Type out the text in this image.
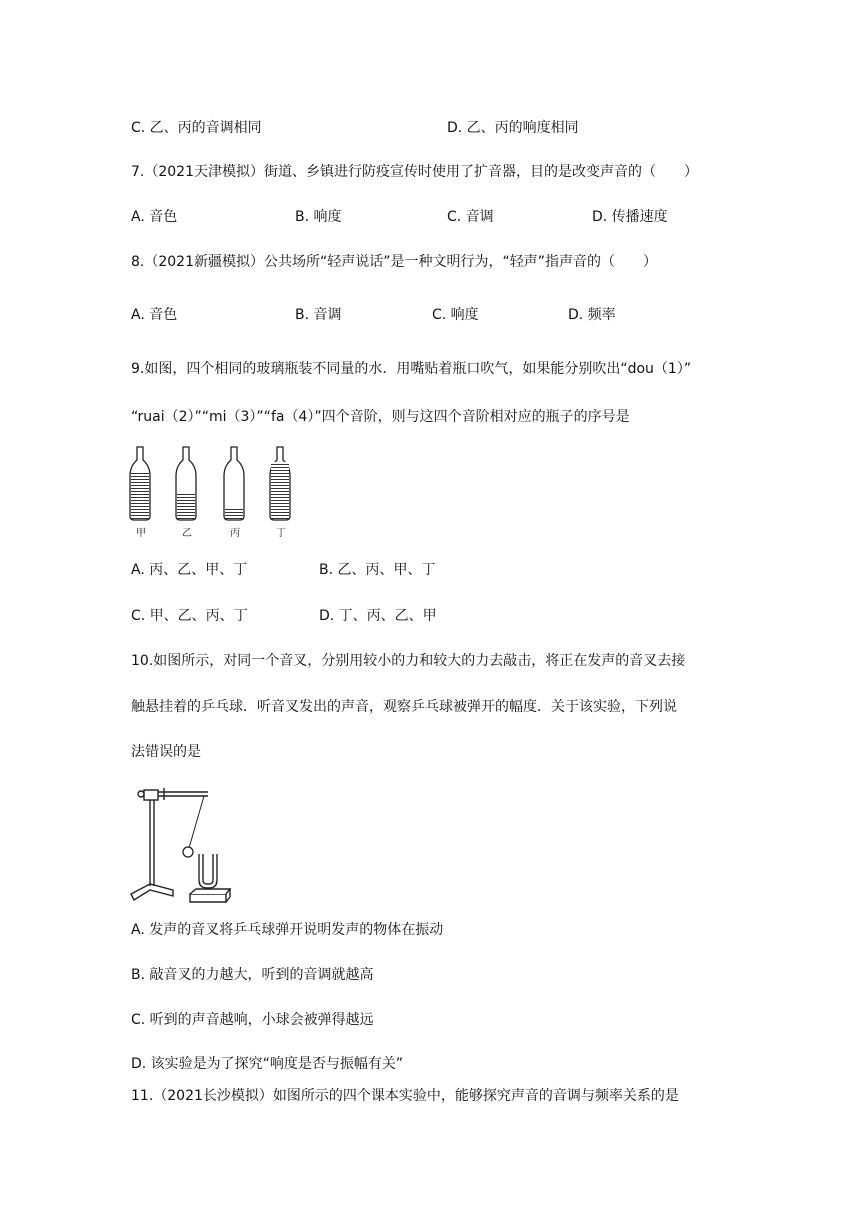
C. 乙、丙的音调相同	D. 乙、丙的响度相同
7.（2021天津模拟）街道、乡镇进行防疫宣传时使用了扩音器，目的是改变声音的（　　）
A. 音色	B. 响度	C. 音调	D. 传播速度
8.（2021新疆模拟）公共场所“轻声说话”是一种文明行为，“轻声”指声音的（　　）
A. 音色	B. 音调	C. 响度	D. 频率
9.如图，四个相同的玻璃瓶装不同量的水．用嘴贴着瓶口吹气，如果能分别吹出“dou（1）”
“ruai（2）”“mi（3）”“fa（4）”四个音阶，则与这四个音阶相对应的瓶子的序号是
甲	乙	丙	丁
A. 丙、乙、甲、丁	B. 乙、丙、甲、丁
C. 甲、乙、丙、丁	D. 丁、丙、乙、甲
10.如图所示，对同一个音叉，分别用较小的力和较大的力去敲击，将正在发声的音叉去接
触悬挂着的乒乓球．听音叉发出的声音，观察乒乓球被弹开的幅度．关于该实验，下列说
法错误的是
A. 发声的音叉将乒乓球弹开说明发声的物体在振动
B. 敲音叉的力越大，听到的音调就越高
C. 听到的声音越响，小球会被弹得越远
D. 该实验是为了探究“响度是否与振幅有关”
11.（2021长沙模拟）如图所示的四个课本实验中，能够探究声音的音调与频率关系的是
